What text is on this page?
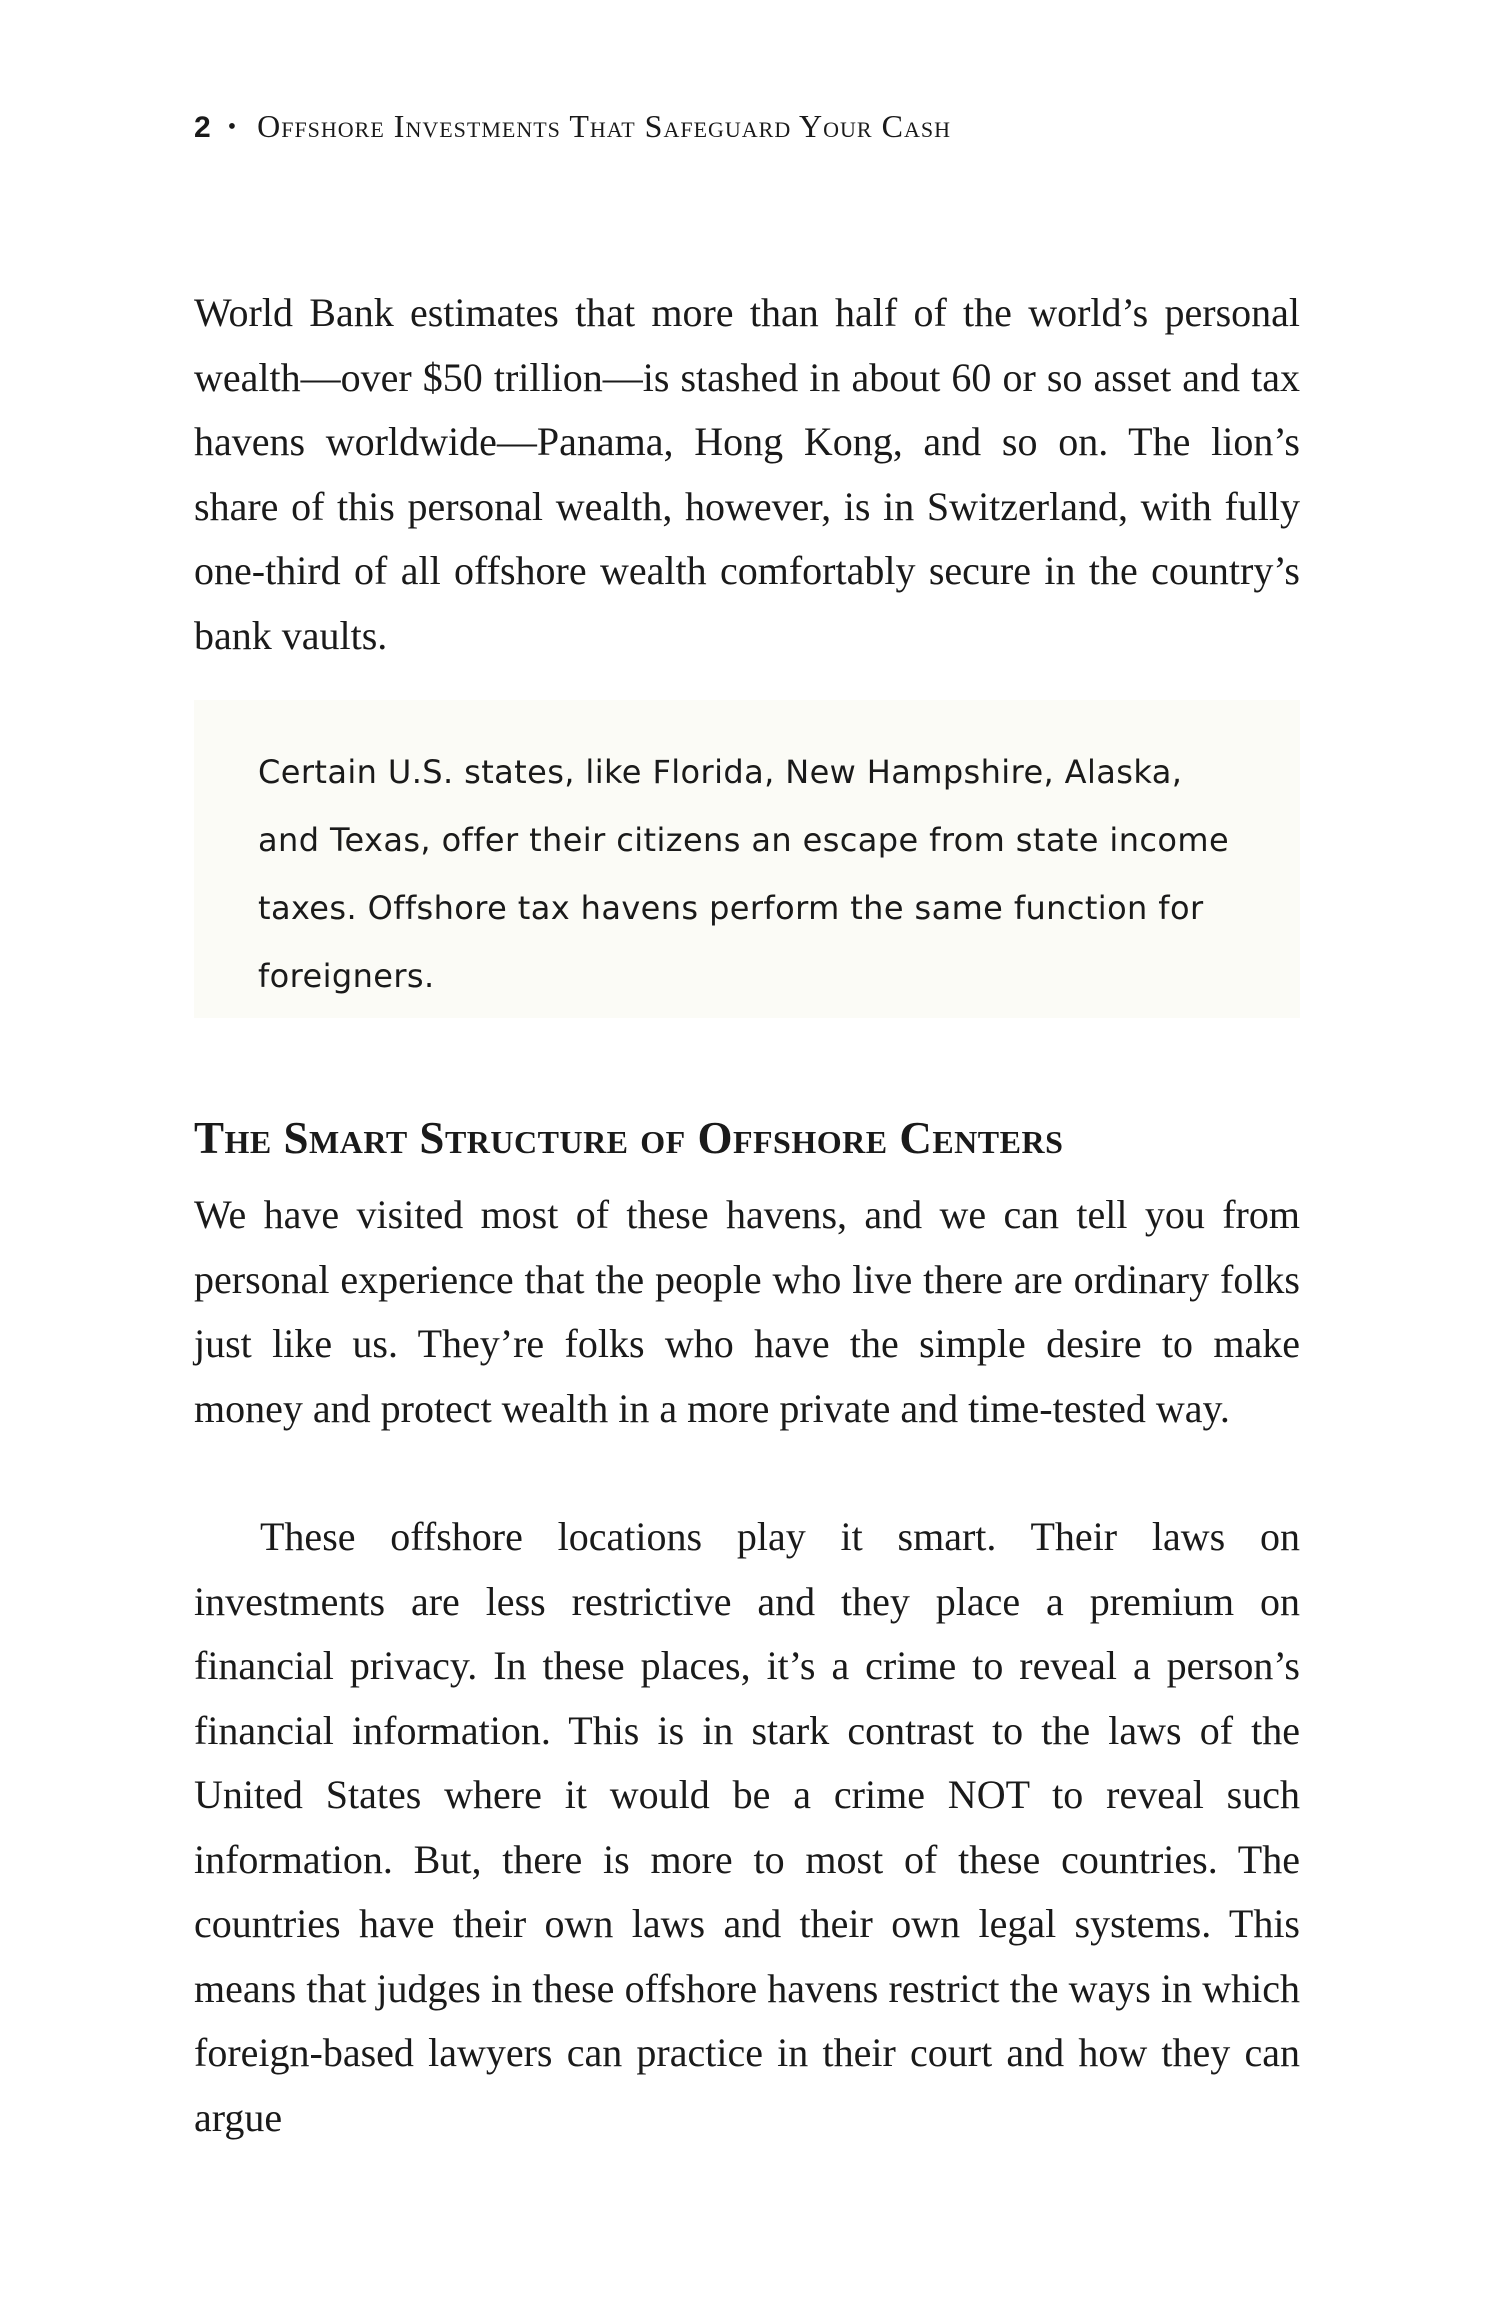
2 • Offshore Investments That Safeguard Your Cash

World Bank estimates that more than half of the world’s personal wealth—over $50 trillion—is stashed in about 60 or so asset and tax havens worldwide—Panama, Hong Kong, and so on. The lion’s share of this personal wealth, however, is in Switzerland, with fully one-third of all offshore wealth comfortably secure in the country’s bank vaults.

Certain U.S. states, like Florida, New Hampshire, Alaska, and Texas, offer their citizens an escape from state income taxes. Offshore tax havens perform the same function for foreigners.

The Smart Structure of Offshore Centers

We have visited most of these havens, and we can tell you from personal experience that the people who live there are ordinary folks just like us. They’re folks who have the simple desire to make money and protect wealth in a more private and time-tested way.

These offshore locations play it smart. Their laws on investments are less restrictive and they place a premium on financial privacy. In these places, it’s a crime to reveal a person’s financial information. This is in stark contrast to the laws of the United States where it would be a crime NOT to reveal such information. But, there is more to most of these countries. The countries have their own laws and their own legal systems. This means that judges in these offshore havens restrict the ways in which foreign-based lawyers can practice in their court and how they can argue
